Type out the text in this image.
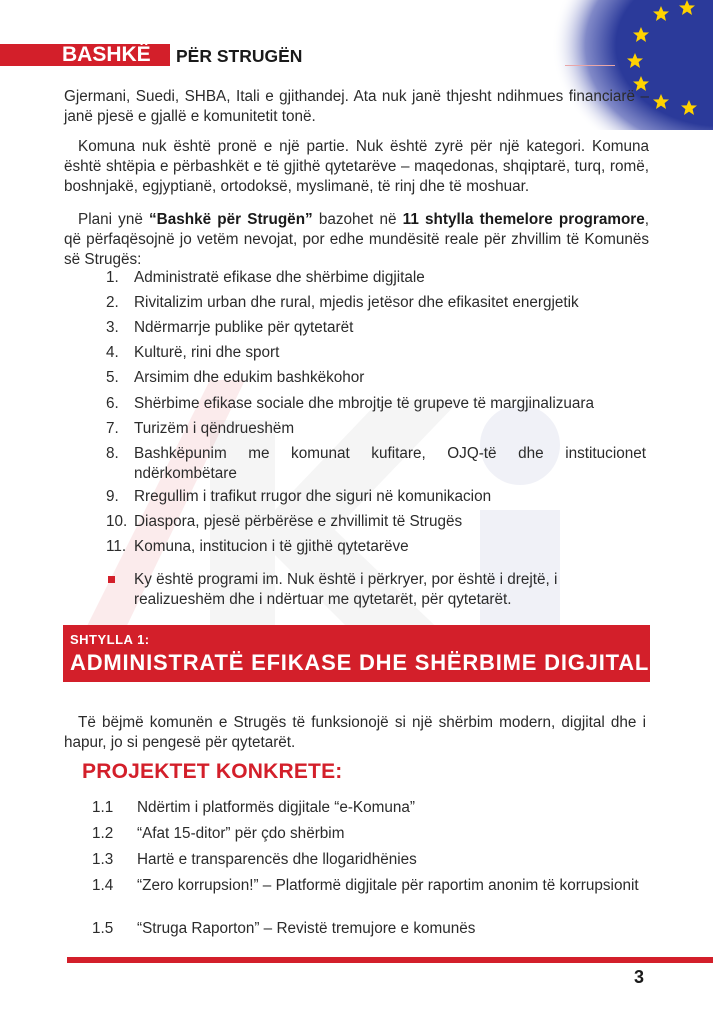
BASHKË PËR STRUGËN
Gjermani, Suedi, SHBA, Itali e gjithandej. Ata nuk janë thjesht ndihmues financiarë – janë pjesë e gjallë e komunitetit tonë.
Komuna nuk është pronë e një partie. Nuk është zyrë për një kategori. Komuna është shtëpia e përbashkët e të gjithë qytetarëve – maqedonas, shqiptarë, turq, romë, boshnjakë, egjyptianë, ortodoksë, myslimanë, të rinj dhe të moshuar.
Plani ynë “Bashkë për Strugën” bazohet në 11 shtylla themelore programore, që përfaqësojnë jo vetëm nevojat, por edhe mundësitë reale për zhvillim të Komunës së Strugës:
1. Administratë efikase dhe shërbime digjitale
2. Rivitalizim urban dhe rural, mjedis jetësor dhe efikasitet energjetik
3. Ndërmarrje publike për qytetarët
4. Kulturë, rini dhe sport
5. Arsimim dhe edukim bashkëkohor
6. Shërbime efikase sociale dhe mbrojtje të grupeve të margjinalizuara
7. Turizëm i qëndrueshëm
8. Bashkëpunim me komunat kufitare, OJQ-të dhe institucionet ndërkombëtare
9. Rregullim i trafikut rrugor dhe siguri në komunikacion
10. Diaspora, pjesë përbërëse e zhvillimit të Strugës
11. Komuna, institucion i të gjithë qytetarëve
Ky është programi im. Nuk është i përkryer, por është i drejtë, i realizueshëm dhe i ndërtuar me qytetarët, për qytetarët.
SHTYLLA 1:
ADMINISTRATË EFIKASE DHE SHËRBIME DIGJITALE
Të bëjmë komunën e Strugës të funksionojë si një shërbim modern, digjital dhe i hapur, jo si pengesë për qytetarët.
PROJEKTET KONKRETE:
1.1	Ndërtim i platformës digjitale “e-Komuna”
1.2	“Afat 15-ditor” për çdo shërbim
1.3	Hartë e transparencës dhe llogaridhënies
1.4	“Zero korrupsion!” – Platformë digjitale për raportim anonim të korrupsionit
1.5	“Struga Raporton” – Revistë tremujore e komunës
3
